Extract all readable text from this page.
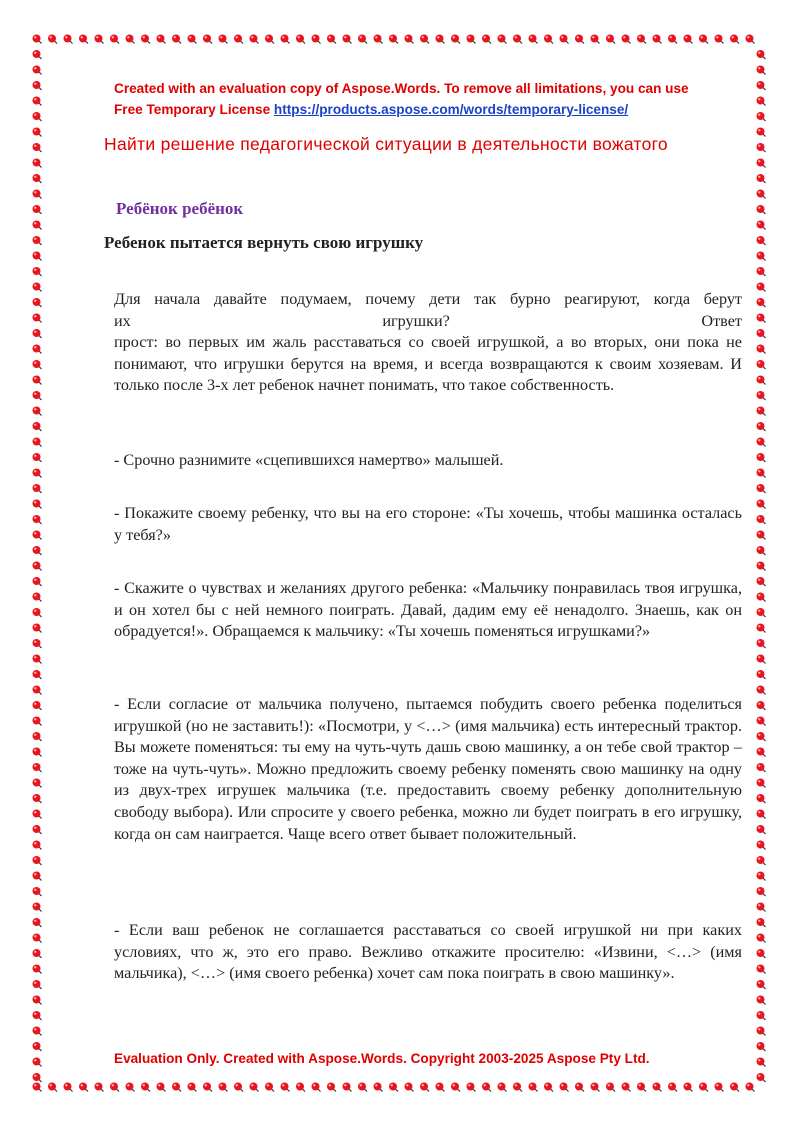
Created with an evaluation copy of Aspose.Words. To remove all limitations, you can use
Free Temporary License https://products.aspose.com/words/temporary-license/
Найти решение педагогической ситуации в деятельности вожатого
Ребёнок ребёнок
Ребенок пытается вернуть свою игрушку
Для начала давайте подумаем, почему дети так бурно реагируют, когда берут
их	игрушки?	Ответ
прост: во первых им жаль расставаться со своей игрушкой, а во вторых, они пока не понимают, что игрушки берутся на время, и всегда возвращаются к своим хозяевам. И только после 3-х лет ребенок начнет понимать, что такое собственность.
- Срочно разнимите «сцепившихся намертво» малышей.
- Покажите своему ребенку, что вы на его стороне: «Ты хочешь, чтобы машинка осталась у тебя?»
- Скажите о чувствах и желаниях другого ребенка: «Мальчику понравилась твоя игрушка, и он хотел бы с ней немного поиграть. Давай, дадим ему её ненадолго. Знаешь, как он обрадуется!». Обращаемся к мальчику: «Ты хочешь поменяться игрушками?»
- Если согласие от мальчика получено, пытаемся побудить своего ребенка поделиться игрушкой (но не заставить!): «Посмотри, у <…> (имя мальчика) есть интересный трактор. Вы можете поменяться: ты ему на чуть-чуть дашь свою машинку, а он тебе свой трактор – тоже на чуть-чуть». Можно предложить своему ребенку поменять свою машинку на одну из двух-трех игрушек мальчика (т.е. предоставить своему ребенку дополнительную свободу выбора). Или спросите у своего ребенка, можно ли будет поиграть в его игрушку, когда он сам наиграется. Чаще всего ответ бывает положительный.
- Если ваш ребенок не соглашается расставаться со своей игрушкой ни при каких условиях, что ж, это его право. Вежливо откажите просителю: «Извини, <…> (имя мальчика), <…> (имя своего ребенка) хочет сам пока поиграть в свою машинку».
Evaluation Only. Created with Aspose.Words. Copyright 2003-2025 Aspose Pty Ltd.
